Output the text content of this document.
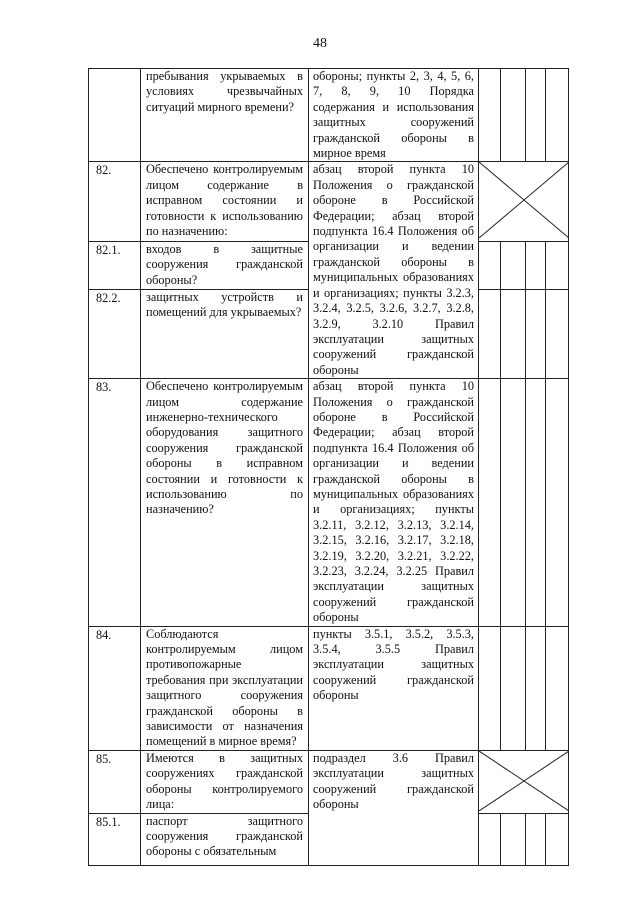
48
	пребывания укрываемых в условиях чрезвычайных ситуаций мирного времени?	обороны; пункты 2, 3, 4, 5, 6, 7, 8, 9, 10 Порядка содержания и использования защитных сооружений гражданской обороны в мирное время				
82.	Обеспечено контролируемым лицом содержание в исправном состоянии и готовности к использованию по назначению:	абзац второй пункта 10 Положения о гражданской обороне в Российской Федерации; абзац второй подпункта 16.4 Положения об организации и ведении гражданской обороны в муниципальных образованиях и организациях; пункты 3.2.3, 3.2.4, 3.2.5, 3.2.6, 3.2.7, 3.2.8, 3.2.9, 3.2.10 Правил эксплуатации защитных сооружений гражданской обороны	

82.1.	входов в защитные сооружения гражданской обороны?					
82.2.	защитных устройств и помещений для укрываемых?					
83.	Обеспечено контролируемым лицом содержание инженерно-технического оборудования защитного сооружения гражданской обороны в исправном состоянии и готовности к использованию по назначению?	абзац второй пункта 10 Положения о гражданской обороне в Российской Федерации; абзац второй подпункта 16.4 Положения об организации и ведении гражданской обороны в муниципальных образованиях и организациях; пункты 3.2.11, 3.2.12, 3.2.13, 3.2.14, 3.2.15, 3.2.16, 3.2.17, 3.2.18, 3.2.19, 3.2.20, 3.2.21, 3.2.22, 3.2.23, 3.2.24, 3.2.25 Правил эксплуатации защитных сооружений гражданской обороны				
84.	Соблюдаются контролируемым лицом противопожарные требования при эксплуатации защитного сооружения гражданской обороны в зависимости от назначения помещений в мирное время?	пункты 3.5.1, 3.5.2, 3.5.3, 3.5.4, 3.5.5 Правил эксплуатации защитных сооружений гражданской обороны				
85.	Имеются в защитных сооружениях гражданской обороны контролируемого лица:	подраздел 3.6 Правил эксплуатации защитных сооружений гражданской обороны	

85.1.	паспорт защитного сооружения гражданской обороны с обязательным					
